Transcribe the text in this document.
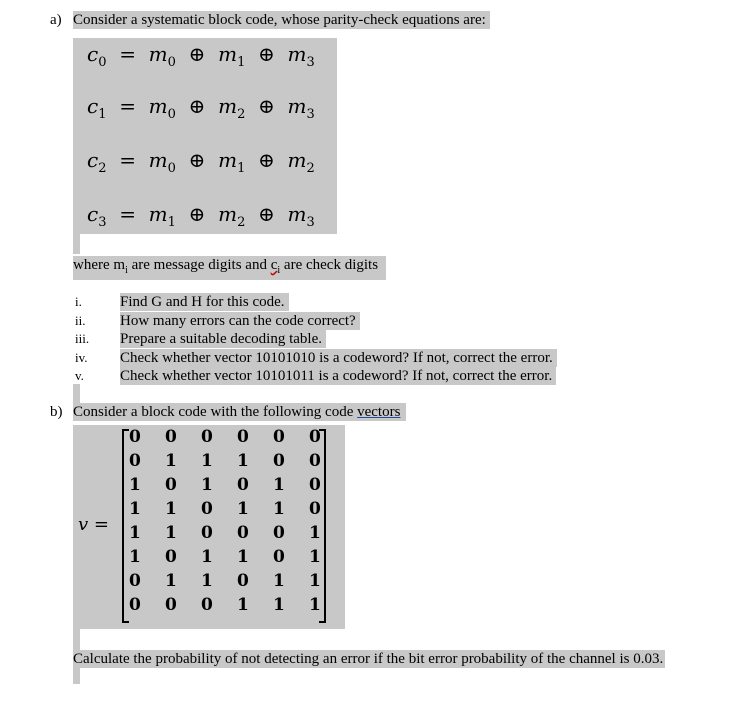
a) Consider a systematic block code, whose parity-check equations are:
$c_0 = m_0$  ⊕  $m_1$  ⊕  $m_3$
$c_1 = m_0$  ⊕  $m_2$  ⊕  $m_3$
$c_2 = m_0$  ⊕  $m_1$  ⊕  $m_2$
$c_3 = m_1$  ⊕  $m_2$  ⊕  $m_3$
where $m_i$ are message digits and $c_i$ are check digits
i.	Find G and H for this code.
ii. How many errors can the code correct?
iii. Prepare a suitable decoding table.
iv. Check whether vector 10101010 is a codeword? If not, correct the error.
v. Check whether vector 10101011 is a codeword? If not, correct the error.
b) Consider a block code with the following code vectors
v =
0	0	0	0	0	0
0	1	1	1	0	0
1	0	1	0	1	0
1	1	0	1	1	0
1	1	0	0	0	1
1	0	1	1	0	1
0	1	1	0	1	1
0	0	0	1	1	1
Calculate the probability of not detecting an error if the bit error probability of the channel is 0.03.
